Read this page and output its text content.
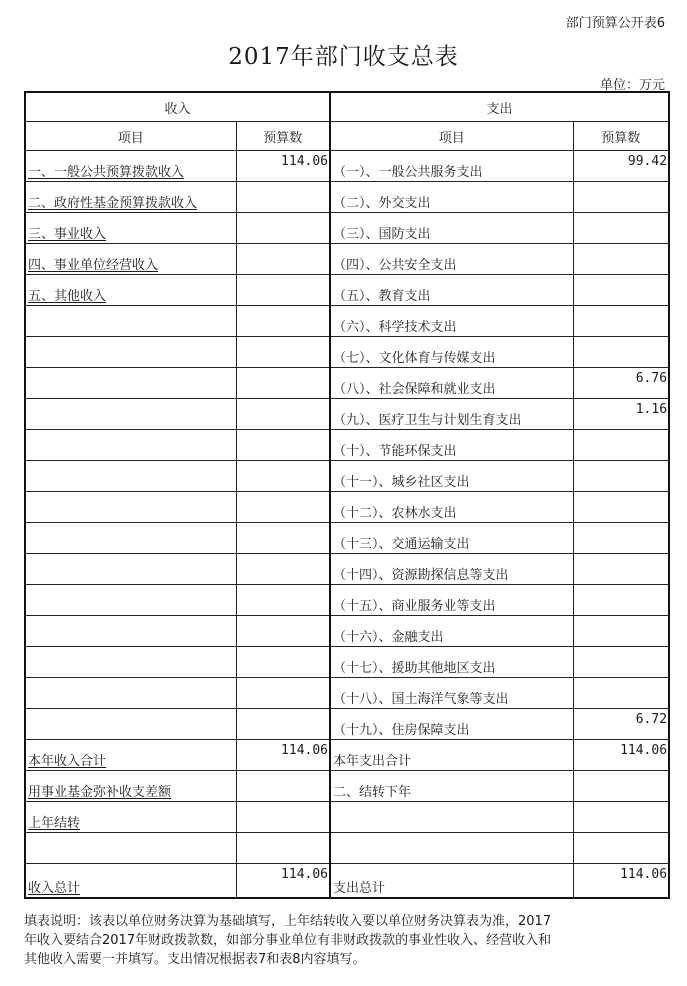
部门预算公开表6
2017年部门收支总表
单位：万元
收入		支出	
项目	预算数	项目	预算数
一、一般公共预算拨款收入	114.06	（一）、一般公共服务支出	99.42
二、政府性基金预算拨款收入		（二）、外交支出	
三、事业收入		（三）、国防支出	
四、事业单位经营收入		（四）、公共安全支出	
五、其他收入		（五）、教育支出	
		（六）、科学技术支出	
		（七）、文化体育与传媒支出	
		（八）、社会保障和就业支出	6.76
		（九）、医疗卫生与计划生育支出	1.16
		（十）、节能环保支出	
		（十一）、城乡社区支出	
		（十二）、农林水支出	
		（十三）、交通运输支出	
		（十四）、资源勘探信息等支出	
		（十五）、商业服务业等支出	
		（十六）、金融支出	
		（十七）、援助其他地区支出	
		（十八）、国土海洋气象等支出	
		（十九）、住房保障支出	6.72
本年收入合计	114.06	本年支出合计	114.06
用事业基金弥补收支差额		二、结转下年	
上年结转			

收入总计	114.06	支出总计	114.06
填表说明：该表以单位财务决算为基础填写，上年结转收入要以单位财务决算表为准，2017
年收入要结合2017年财政拨款数，如部分事业单位有非财政拨款的事业性收入、经营收入和
其他收入需要一并填写。支出情况根据表7和表8内容填写。
